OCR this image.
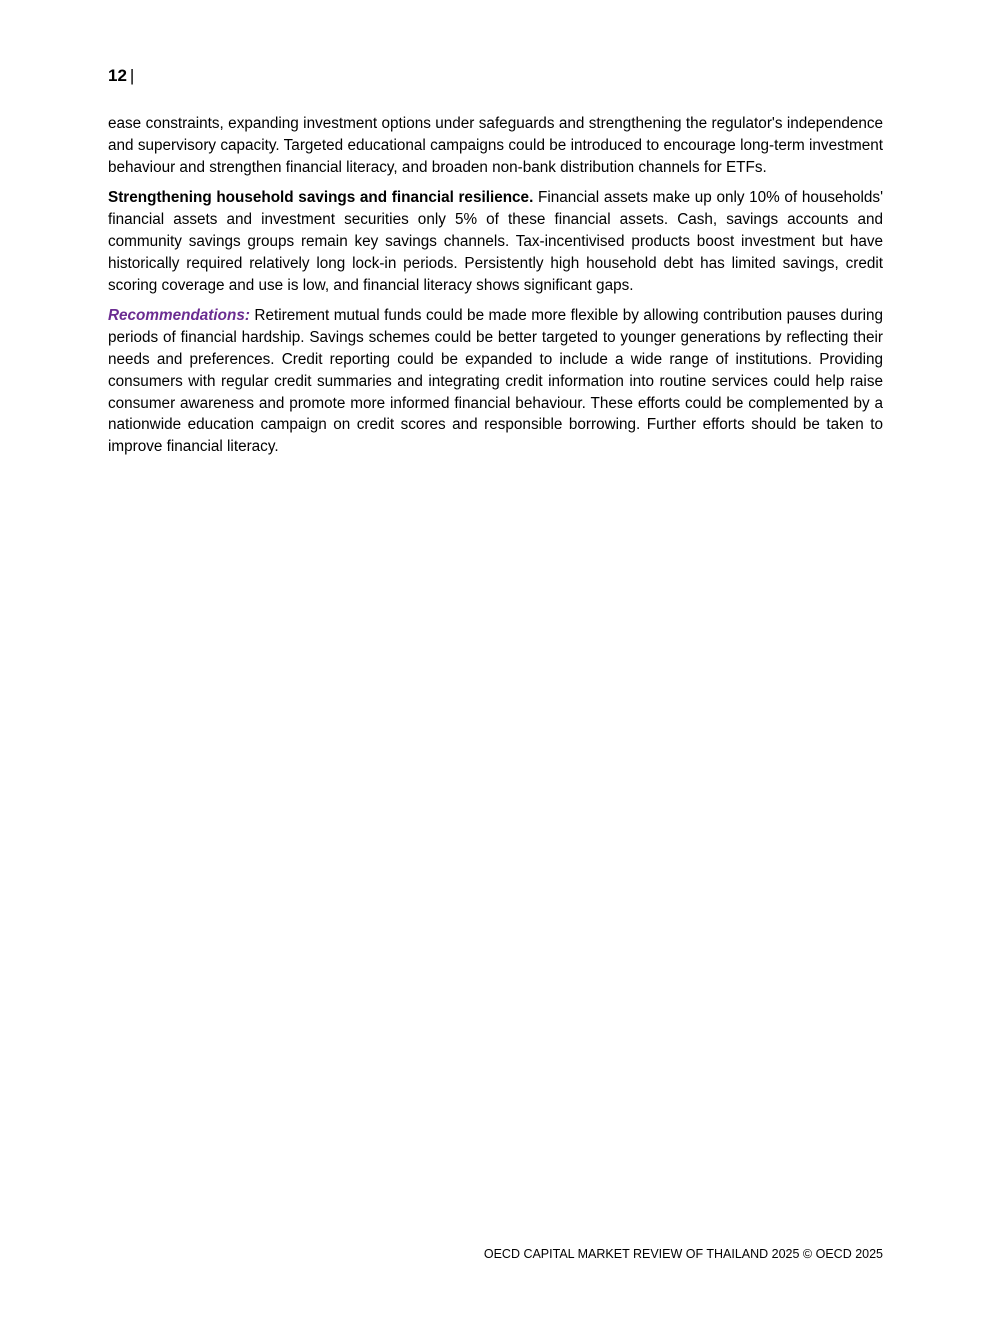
12 |

ease constraints, expanding investment options under safeguards and strengthening the regulator's independence and supervisory capacity. Targeted educational campaigns could be introduced to encourage long-term investment behaviour and strengthen financial literacy, and broaden non-bank distribution channels for ETFs.

Strengthening household savings and financial resilience. Financial assets make up only 10% of households' financial assets and investment securities only 5% of these financial assets. Cash, savings accounts and community savings groups remain key savings channels. Tax-incentivised products boost investment but have historically required relatively long lock-in periods. Persistently high household debt has limited savings, credit scoring coverage and use is low, and financial literacy shows significant gaps.

Recommendations: Retirement mutual funds could be made more flexible by allowing contribution pauses during periods of financial hardship. Savings schemes could be better targeted to younger generations by reflecting their needs and preferences. Credit reporting could be expanded to include a wide range of institutions. Providing consumers with regular credit summaries and integrating credit information into routine services could help raise consumer awareness and promote more informed financial behaviour. These efforts could be complemented by a nationwide education campaign on credit scores and responsible borrowing. Further efforts should be taken to improve financial literacy.

OECD CAPITAL MARKET REVIEW OF THAILAND 2025 © OECD 2025
